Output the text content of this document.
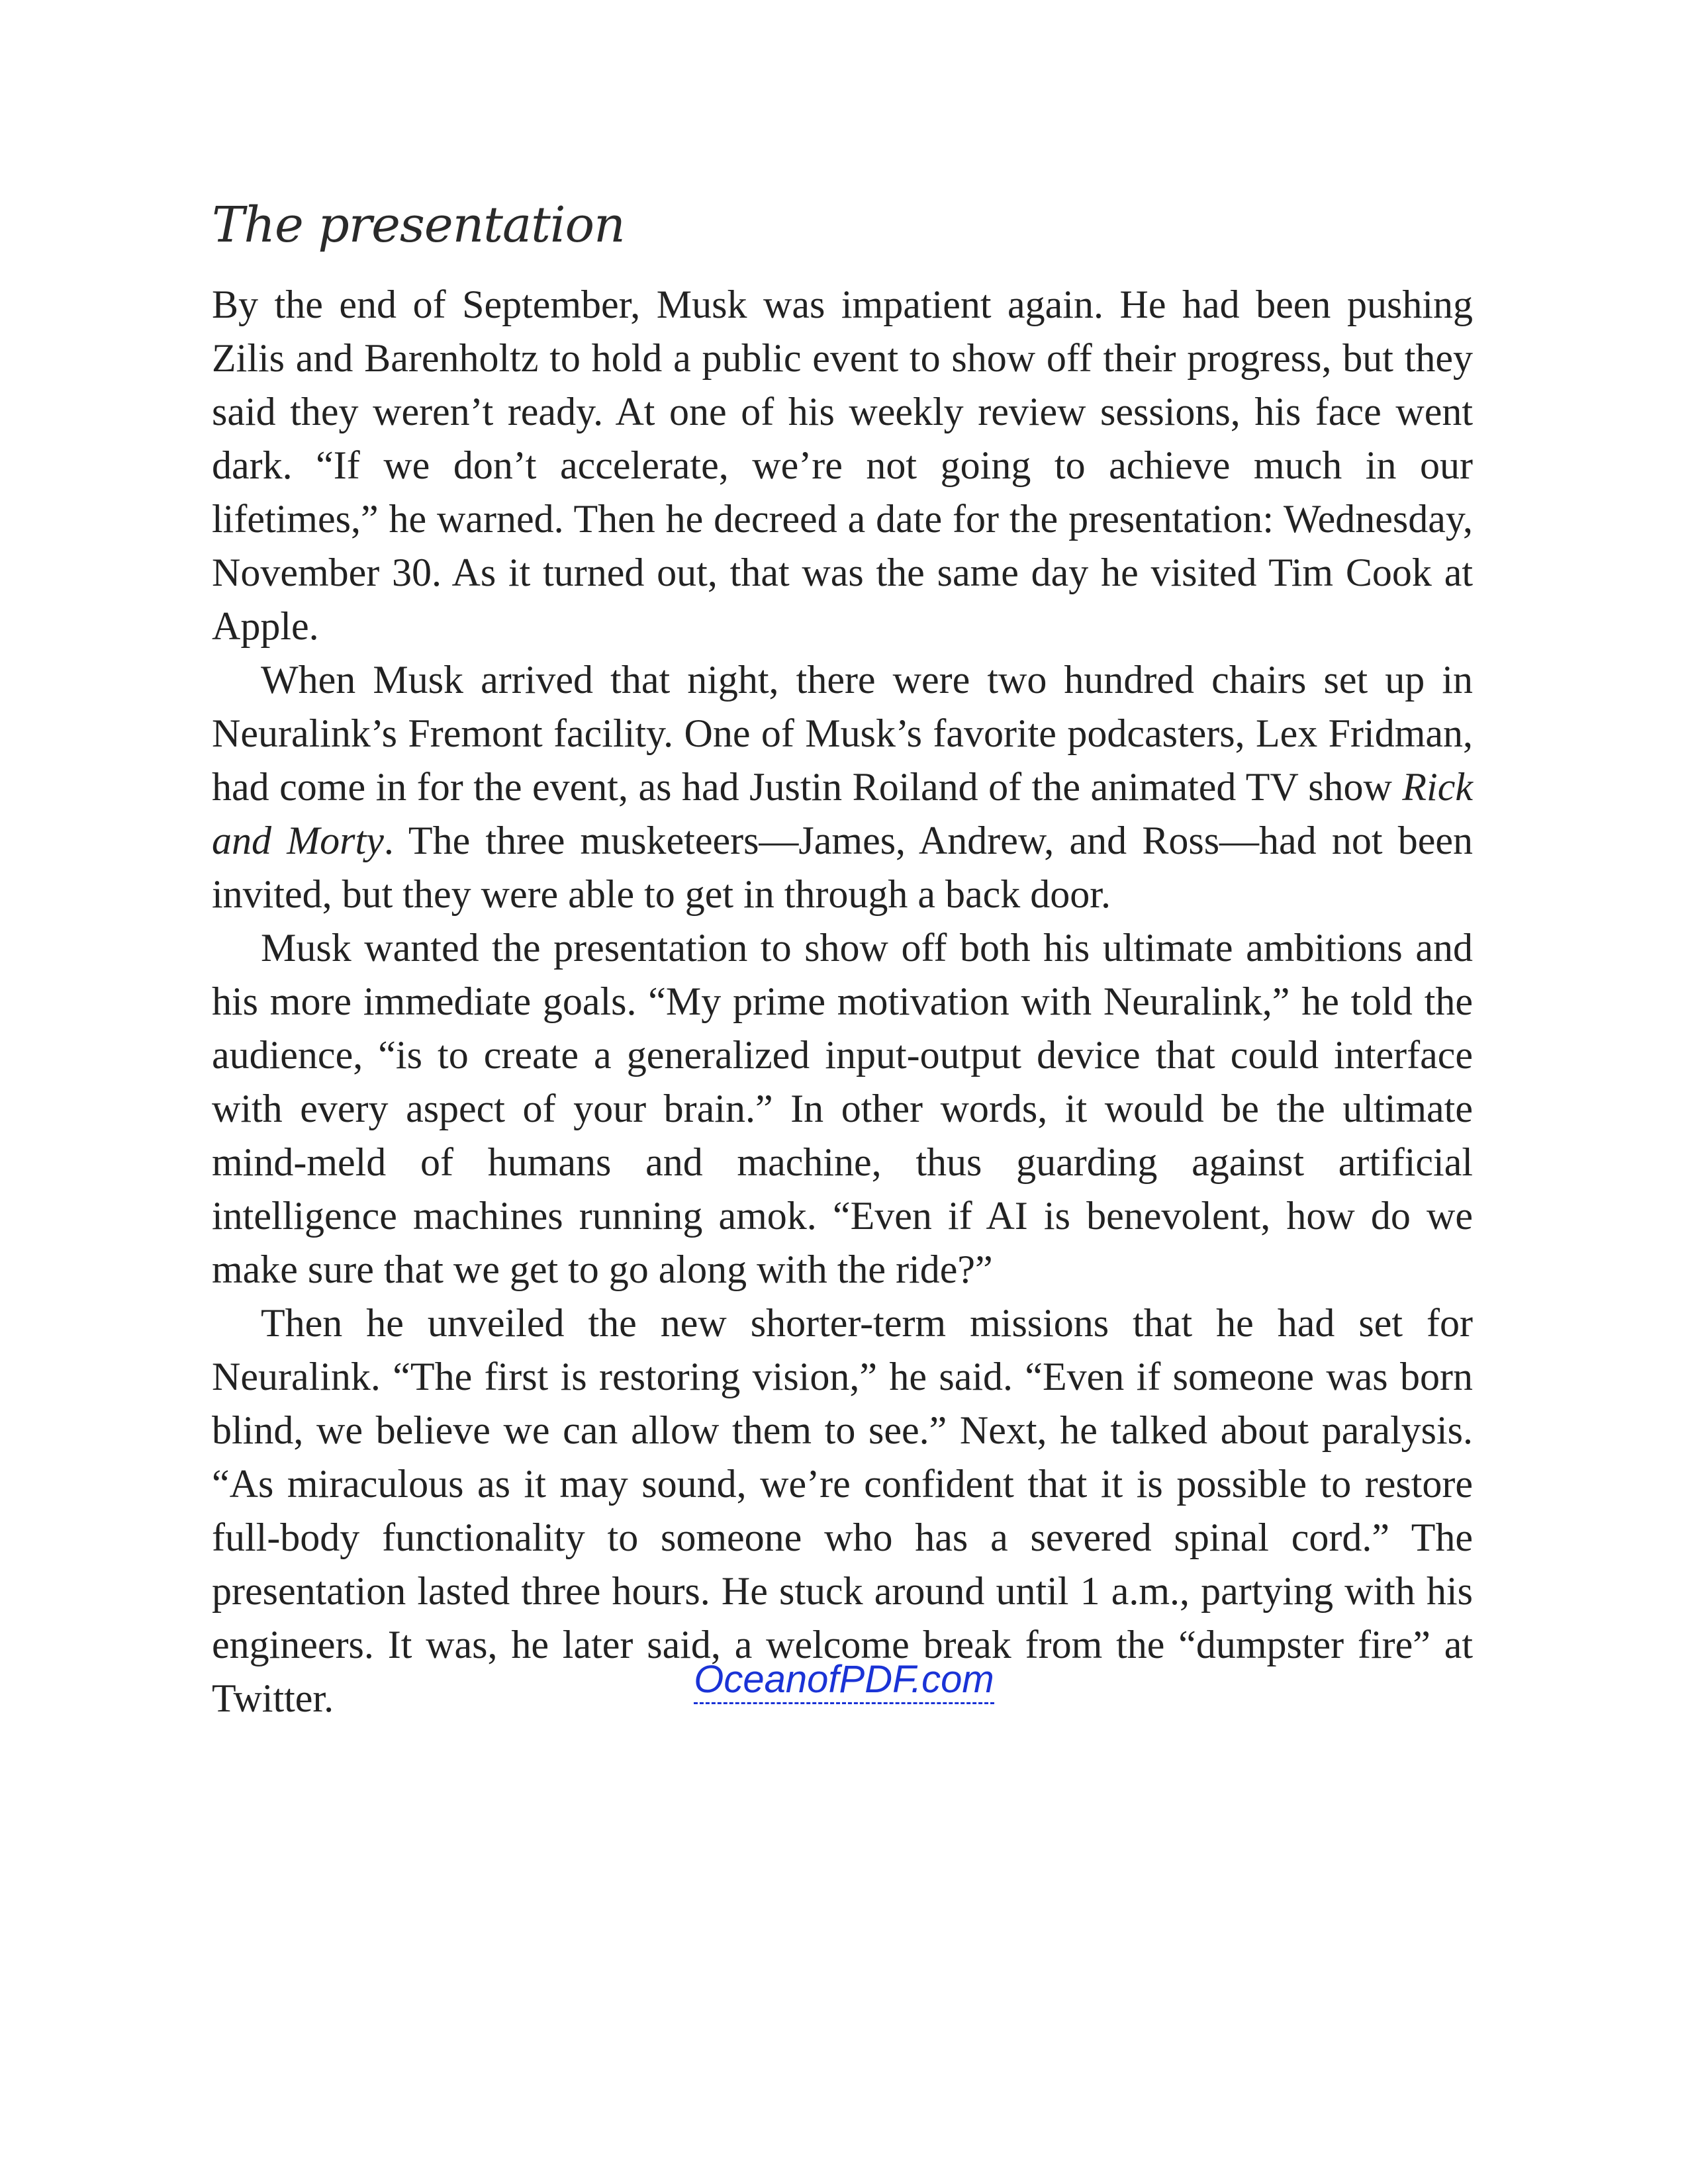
The presentation

By the end of September, Musk was impatient again. He had been pushing Zilis and Barenholtz to hold a public event to show off their progress, but they said they weren’t ready. At one of his weekly review sessions, his face went dark. “If we don’t accelerate, we’re not going to achieve much in our lifetimes,” he warned. Then he decreed a date for the presentation: Wednesday, November 30. As it turned out, that was the same day he visited Tim Cook at Apple.

When Musk arrived that night, there were two hundred chairs set up in Neuralink’s Fremont facility. One of Musk’s favorite podcasters, Lex Fridman, had come in for the event, as had Justin Roiland of the animated TV show Rick and Morty. The three musketeers—James, Andrew, and Ross—had not been invited, but they were able to get in through a back door.

Musk wanted the presentation to show off both his ultimate ambitions and his more immediate goals. “My prime motivation with Neuralink,” he told the audience, “is to create a generalized input-output device that could interface with every aspect of your brain.” In other words, it would be the ultimate mind-meld of humans and machine, thus guarding against artificial intelligence machines running amok. “Even if AI is benevolent, how do we make sure that we get to go along with the ride?”

Then he unveiled the new shorter-term missions that he had set for Neuralink. “The first is restoring vision,” he said. “Even if someone was born blind, we believe we can allow them to see.” Next, he talked about paralysis. “As miraculous as it may sound, we’re confident that it is possible to restore full-body functionality to someone who has a severed spinal cord.” The presentation lasted three hours. He stuck around until 1 a.m., partying with his engineers. It was, he later said, a welcome break from the “dumpster fire” at Twitter.	OceanofPDF.com
